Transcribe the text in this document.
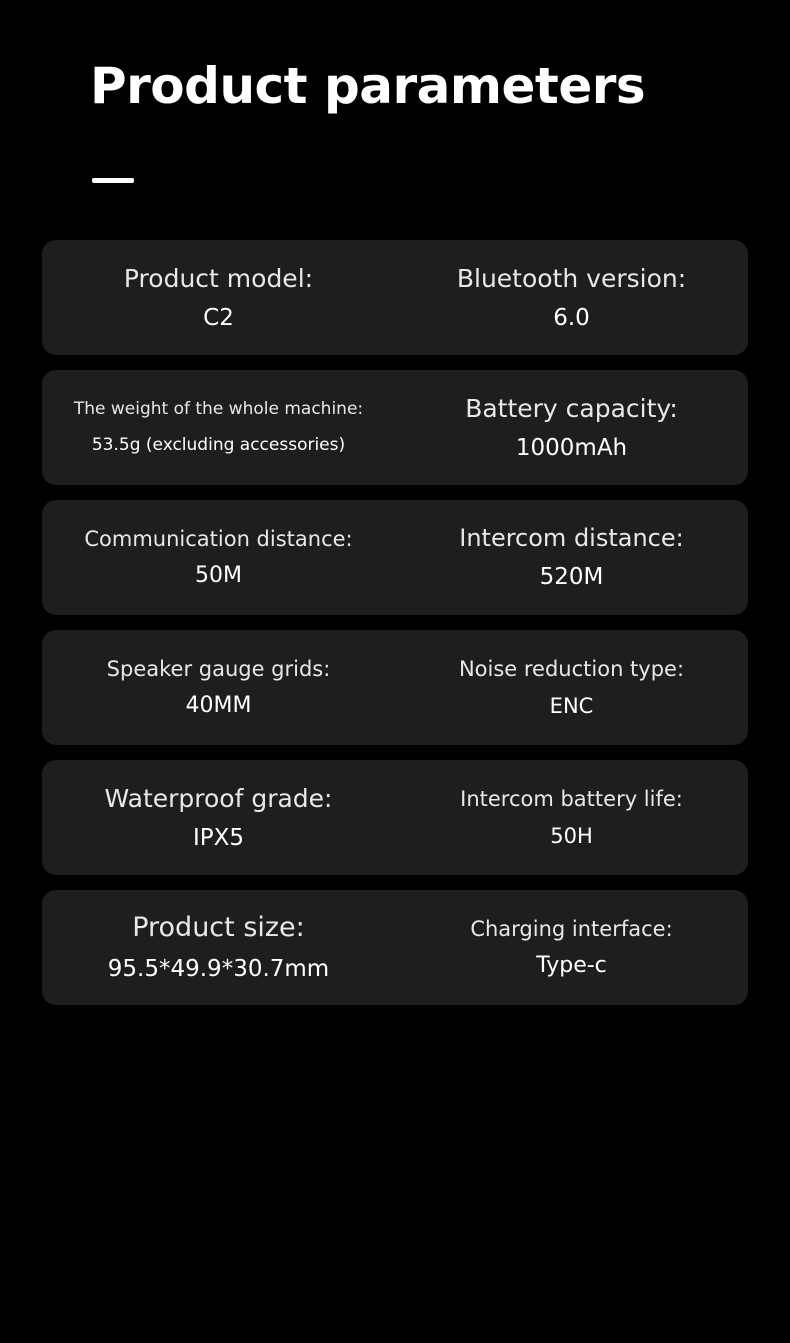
Product parameters
Product model:
C2
Bluetooth version:
6.0
The weight of the whole machine:
53.5g (excluding accessories)
Battery capacity:
1000mAh
Communication distance:
50M
Intercom distance:
520M
Speaker gauge grids:
40MM
Noise reduction type:
ENC
Waterproof grade:
IPX5
Intercom battery life:
50H
Product size:
95.5*49.9*30.7mm
Charging interface:
Type-c
